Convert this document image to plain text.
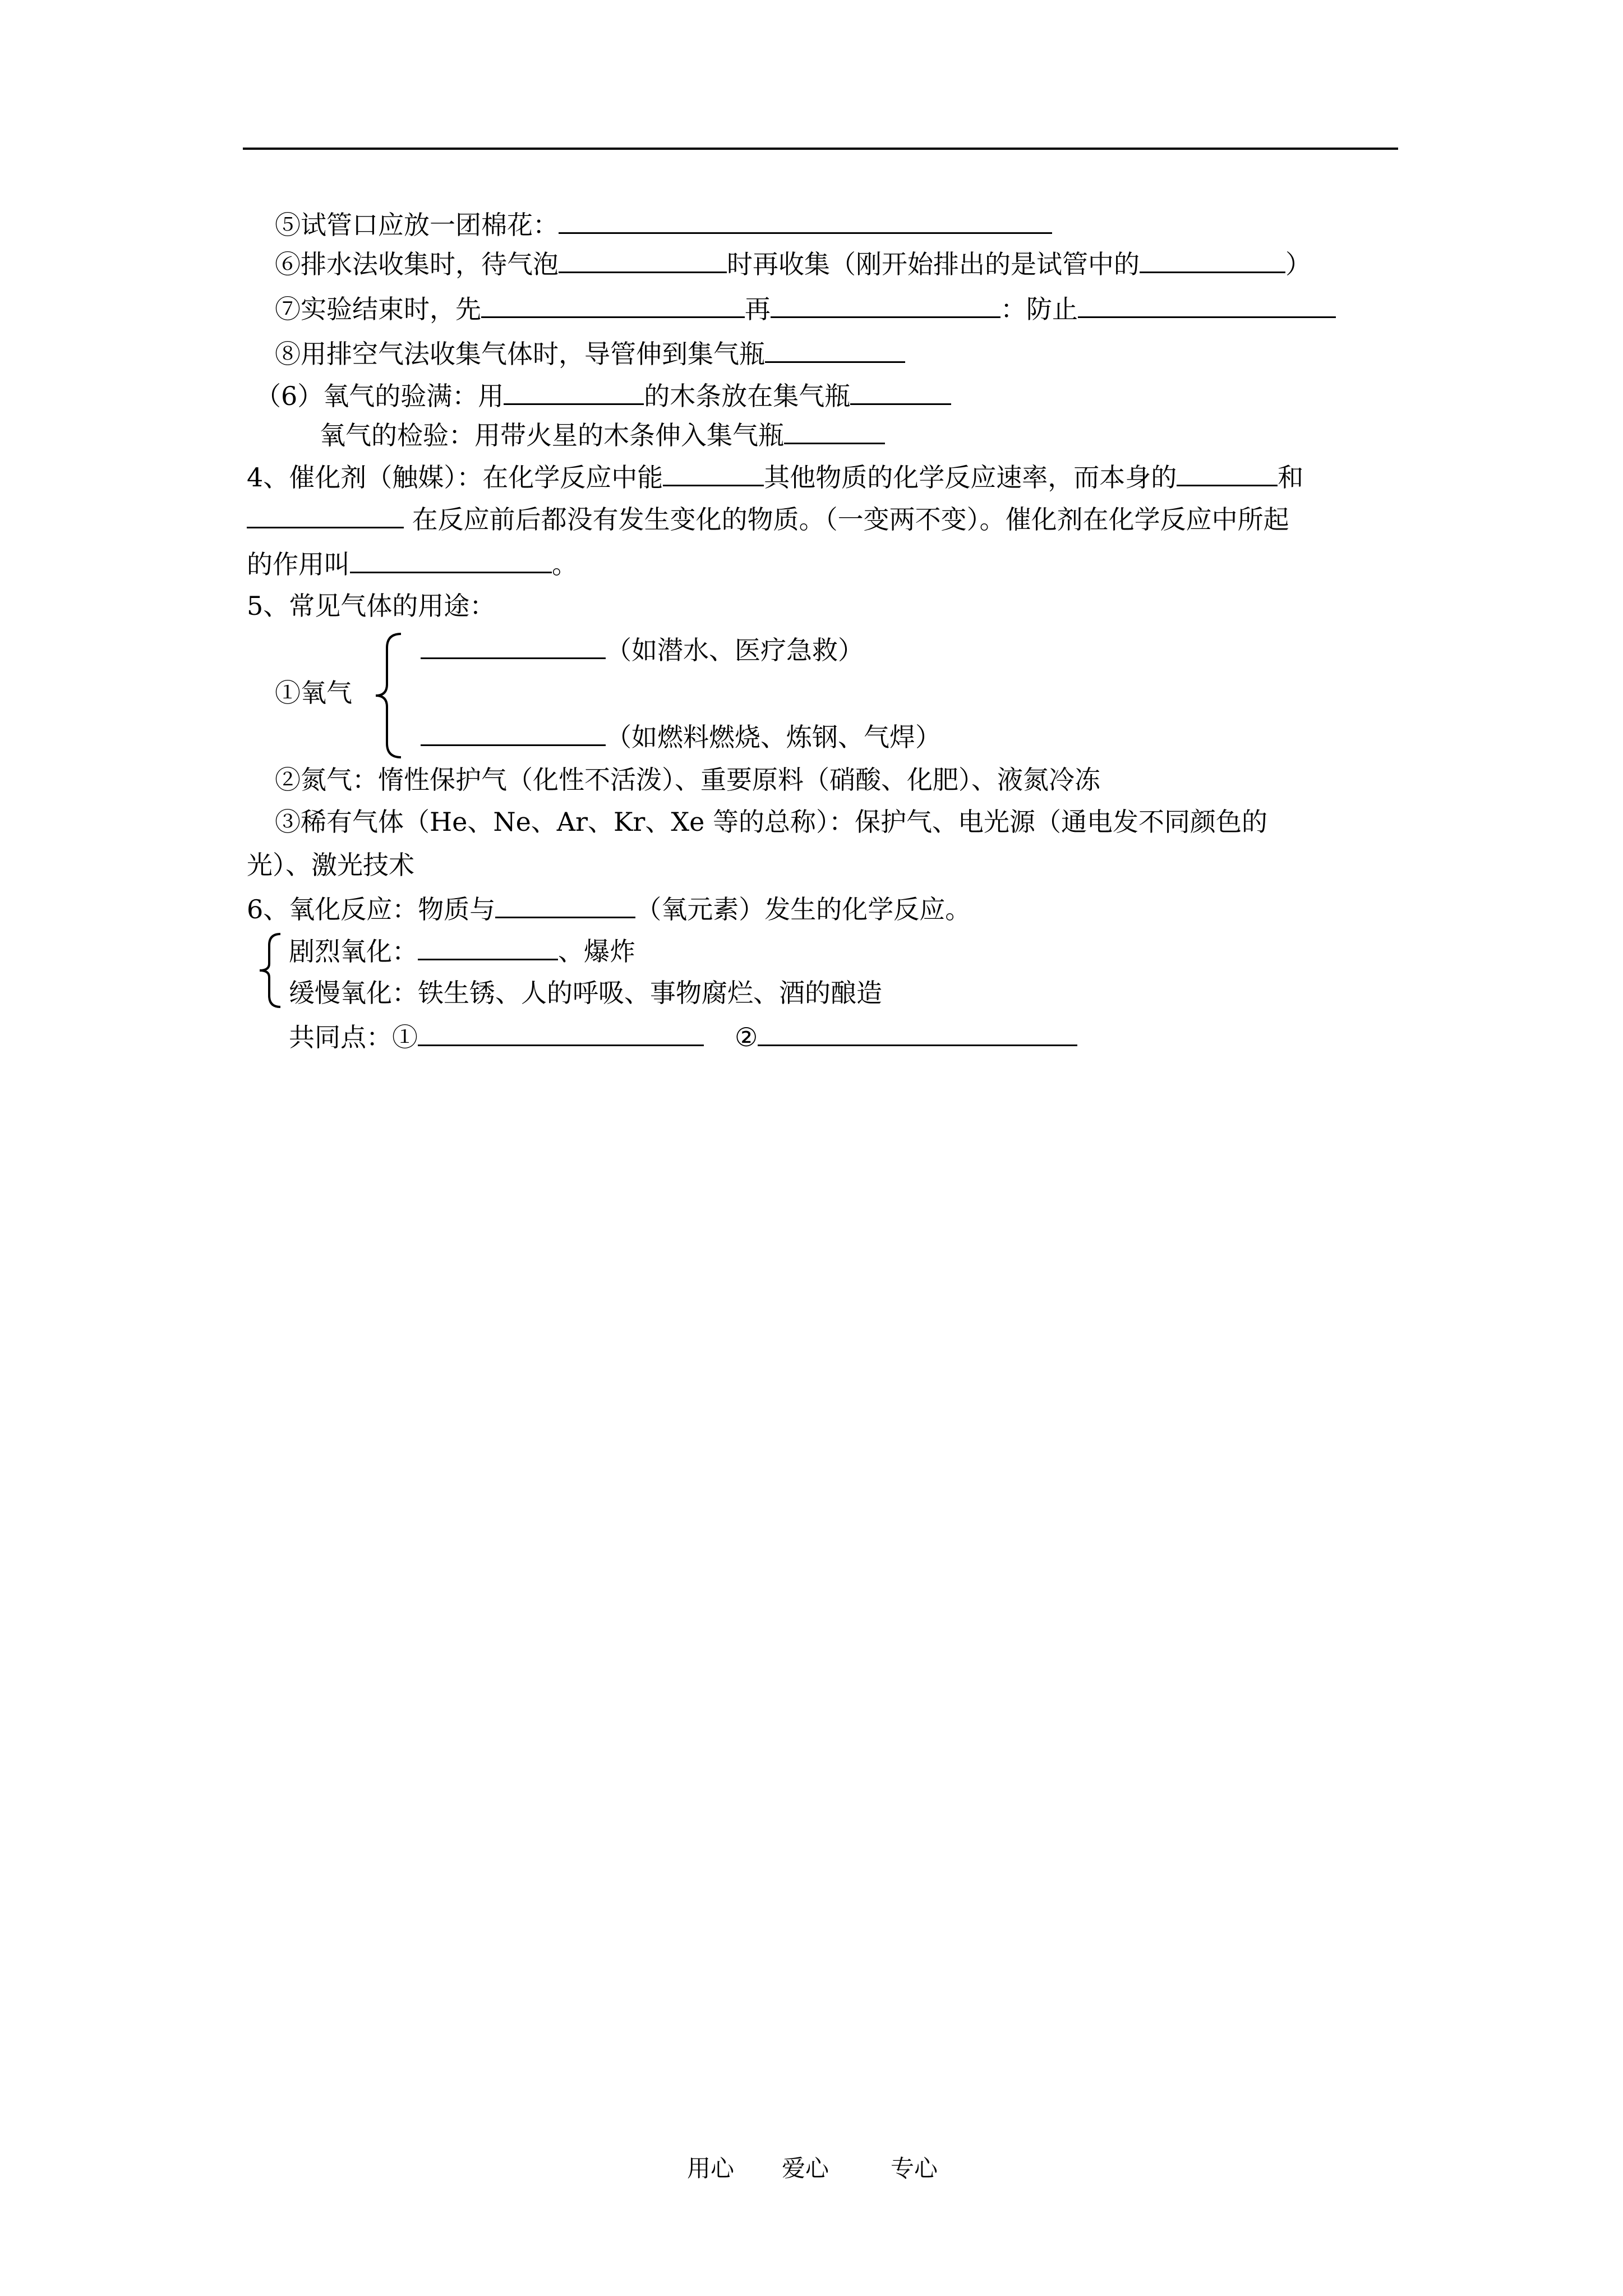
⑤试管口应放一团棉花：
⑥排水法收集时，待气泡	时再收集（刚开始排出的是试管中的	）
⑦实验结束时，先	再	：防止
⑧用排空气法收集气体时，导管伸到集气瓶
（6）氧气的验满：用	的木条放在集气瓶
氧气的检验：用带火星的木条伸入集气瓶
4、催化剂（触媒）：在化学反应中能	其他物质的化学反应速率，而本身的	和
在反应前后都没有发生变化的物质。（一变两不变）。催化剂在化学反应中所起
的作用叫	。
5、常见气体的用途：
（如潜水、医疗急救）
①氧气
（如燃料燃烧、炼钢、气焊）
②氮气：惰性保护气（化性不活泼）、重要原料（硝酸、化肥）、液氮冷冻
③稀有气体（He、Ne、Ar、Kr、Xe 等的总称）：保护气、电光源（通电发不同颜色的
光）、激光技术
6、氧化反应：物质与	（氧元素）发生的化学反应。
剧烈氧化：	、爆炸
缓慢氧化：铁生锈、人的呼吸、事物腐烂、酒的酿造
共同点：①	②
用心 爱心	专心
